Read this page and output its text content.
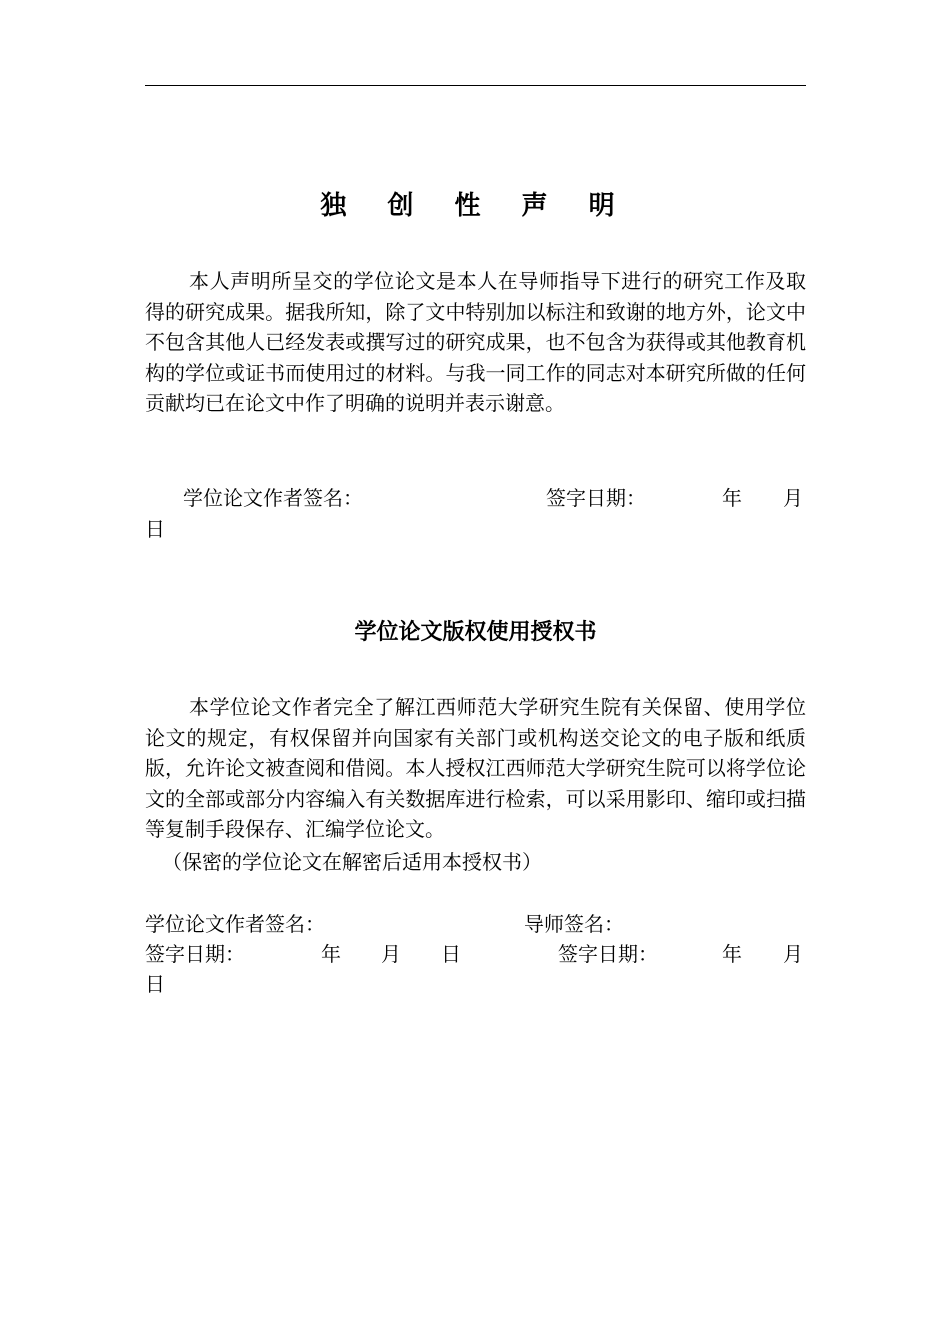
独 创 性 声 明
本人声明所呈交的学位论文是本人在导师指导下进行的研究工作及取得的研究成果。据我所知，除了文中特别加以标注和致谢的地方外，论文中不包含其他人已经发表或撰写过的研究成果，也不包含为获得或其他教育机构的学位或证书而使用过的材料。与我一同工作的同志对本研究所做的任何贡献均已在论文中作了明确的说明并表示谢意。
学位论文作者签名：	签字日期：	年 月
日
学位论文版权使用授权书
本学位论文作者完全了解江西师范大学研究生院有关保留、使用学位论文的规定，有权保留并向国家有关部门或机构送交论文的电子版和纸质版，允许论文被查阅和借阅。本人授权江西师范大学研究生院可以将学位论文的全部或部分内容编入有关数据库进行检索，可以采用影印、缩印或扫描等复制手段保存、汇编学位论文。
（保密的学位论文在解密后适用本授权书）
学位论文作者签名：	导师签名：
签字日期：	年 月 日	签字日期：	年 月
日
